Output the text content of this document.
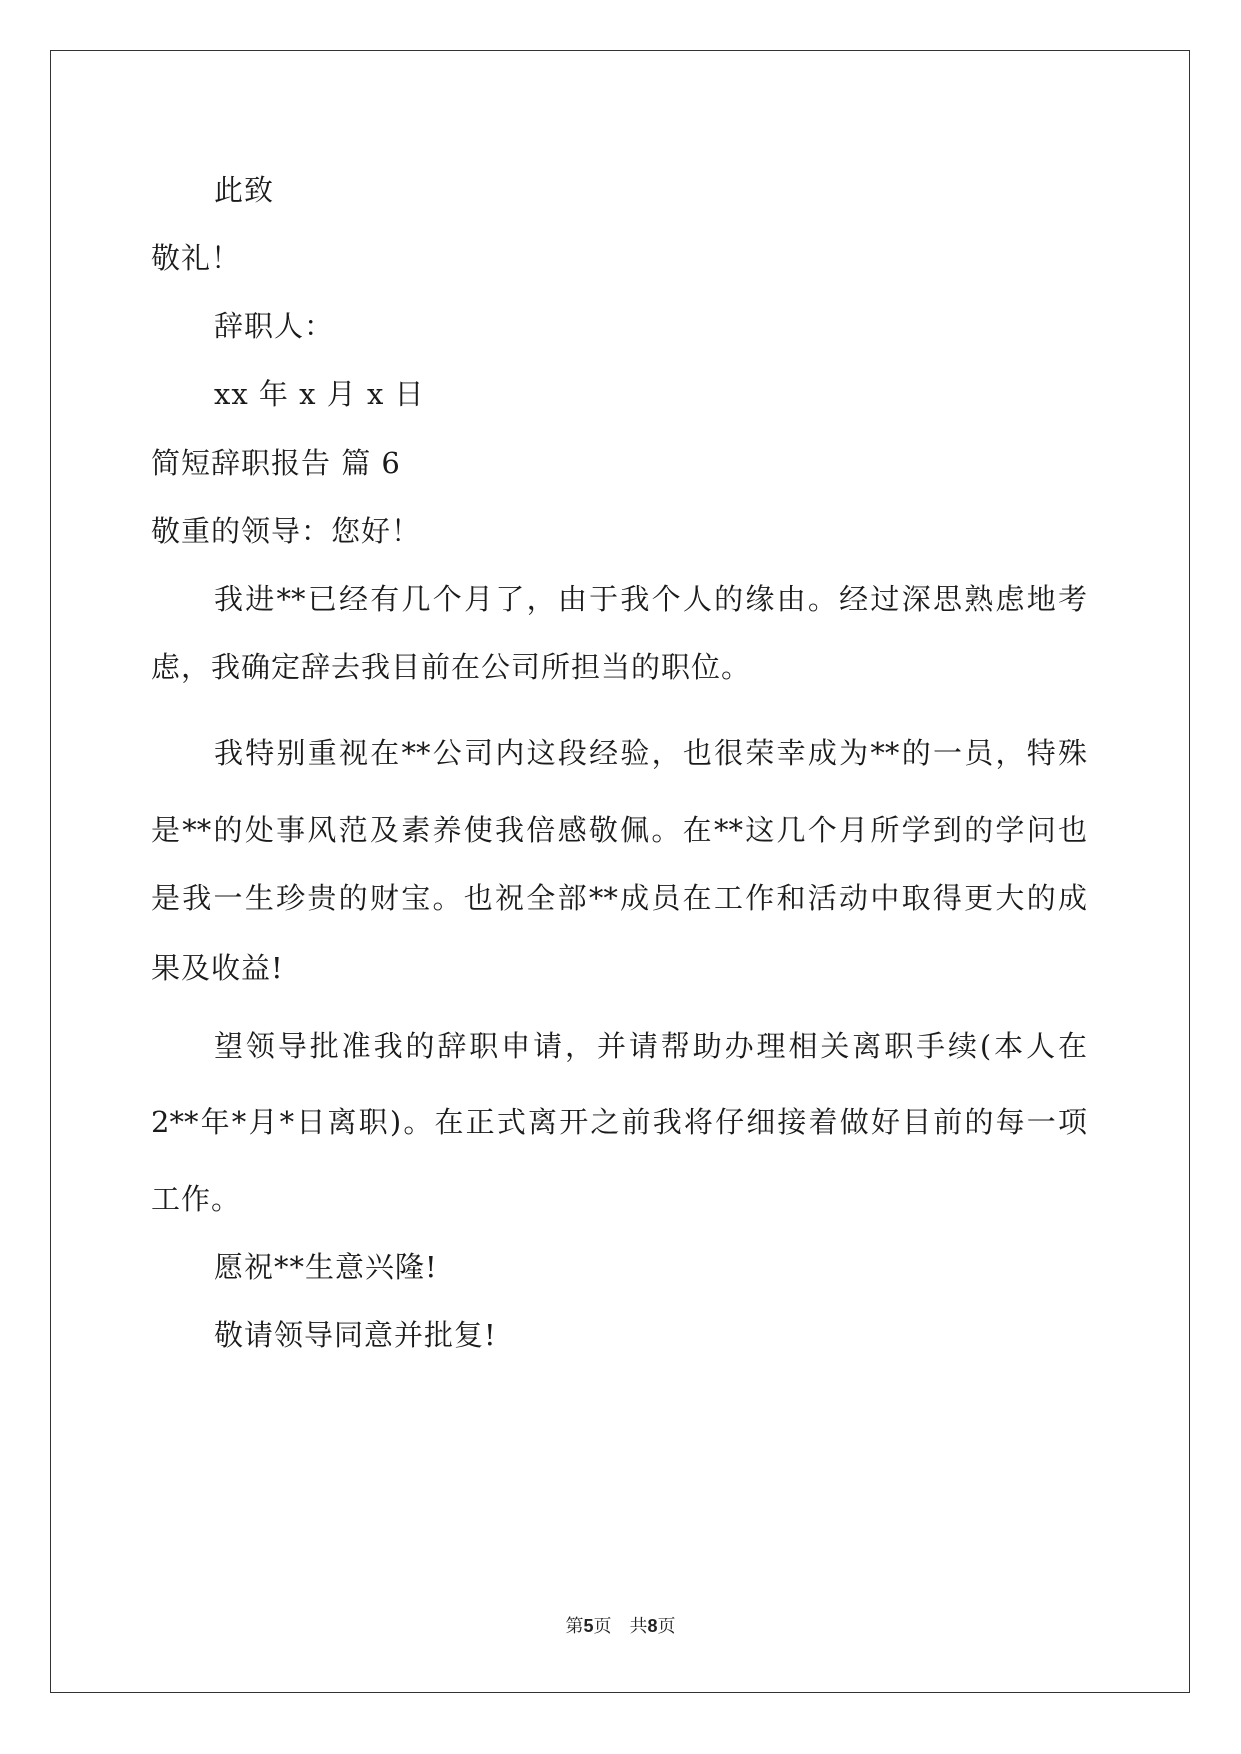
此致
敬礼！
辞职人：
xx 年 x 月 x 日
简短辞职报告 篇 6
敬重的领导：您好！
我进**已经有几个月了，由于我个人的缘由。经过深思熟虑地考
虑，我确定辞去我目前在公司所担当的职位。
我特别重视在**公司内这段经验，也很荣幸成为**的一员，特殊
是**的处事风范及素养使我倍感敬佩。在**这几个月所学到的学问也
是我一生珍贵的财宝。也祝全部**成员在工作和活动中取得更大的成
果及收益!
望领导批准我的辞职申请，并请帮助办理相关离职手续(本人在
2**年*月*日离职)。在正式离开之前我将仔细接着做好目前的每一项
工作。
愿祝**生意兴隆!
敬请领导同意并批复!
第5页　共8页
